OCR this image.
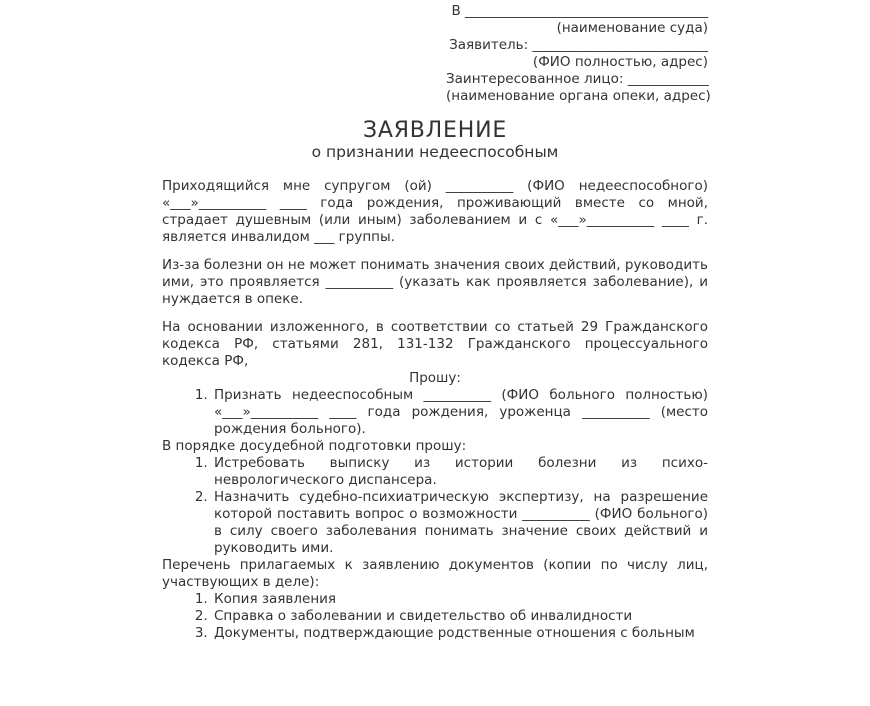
В ____________________________________
(наименование суда)
Заявитель: __________________________
(ФИО полностью, адрес)
Заинтересованное лицо: ____________
(наименование органа опеки, адрес)
ЗАЯВЛЕНИЕ
о признании недееспособным

Приходящийся мне супругом (ой) __________ (ФИО недееспособного) «___»__________ ____ года рождения, проживающий вместе со мной, страдает душевным (или иным) заболеванием и с «___»__________ ____ г. является инвалидом ___ группы.

Из-за болезни он не может понимать значения своих действий, руководить ими, это проявляется __________ (указать как проявляется заболевание), и нуждается в опеке.

На основании изложенного, в соответствии со статьей 29 Гражданского кодекса РФ, статьями 281, 131-132 Гражданского процессуального кодекса РФ,

Прошу:
1. Признать недееспособным __________ (ФИО больного полностью) «___»__________ ____ года рождения, уроженца __________ (место рождения больного).
В порядке досудебной подготовки прошу:
1. Истребовать выписку из истории болезни из психо-неврологического диспансера.
2. Назначить судебно-психиатрическую экспертизу, на разрешение которой поставить вопрос о возможности __________ (ФИО больного) в силу своего заболевания понимать значение своих действий и руководить ими.

Перечень прилагаемых к заявлению документов (копии по числу лиц, участвующих в деле):

1. Копия заявления
2. Справка о заболевании и свидетельство об инвалидности
3. Документы, подтверждающие родственные отношения с больным
